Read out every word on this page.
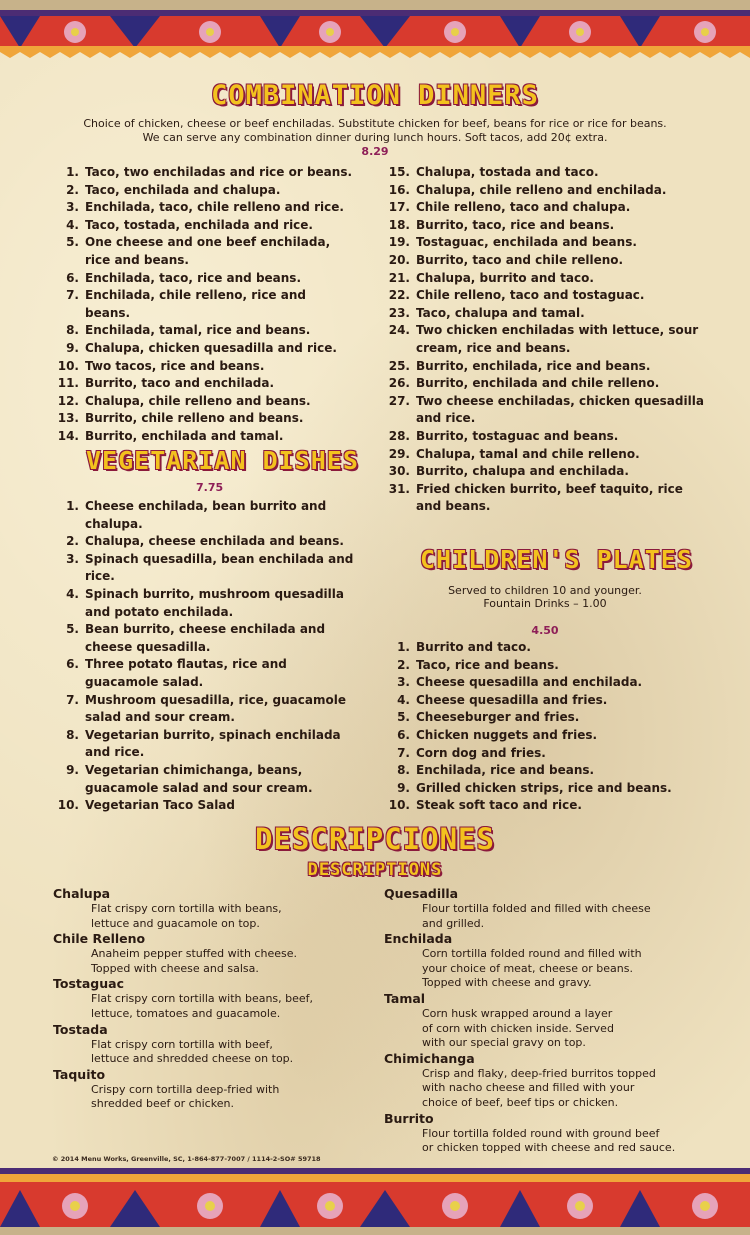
COMBINATION DINNERS
Choice of chicken, cheese or beef enchiladas. Substitute chicken for beef, beans for rice or rice for beans.
We can serve any combination dinner during lunch hours. Soft tacos, add 20¢ extra.
8.29
1. Taco, two enchiladas and rice or beans.
2. Taco, enchilada and chalupa.
3. Enchilada, taco, chile relleno and rice.
4. Taco, tostada, enchilada and rice.
5. One cheese and one beef enchilada, rice and beans.
6. Enchilada, taco, rice and beans.
7. Enchilada, chile relleno, rice and beans.
8. Enchilada, tamal, rice and beans.
9. Chalupa, chicken quesadilla and rice.
10. Two tacos, rice and beans.
11. Burrito, taco and enchilada.
12. Chalupa, chile relleno and beans.
13. Burrito, chile relleno and beans.
14. Burrito, enchilada and tamal.
15. Chalupa, tostada and taco.
16. Chalupa, chile relleno and enchilada.
17. Chile relleno, taco and chalupa.
18. Burrito, taco, rice and beans.
19. Tostaguac, enchilada and beans.
20. Burrito, taco and chile relleno.
21. Chalupa, burrito and taco.
22. Chile relleno, taco and tostaguac.
23. Taco, chalupa and tamal.
24. Two chicken enchiladas with lettuce, sour cream, rice and beans.
25. Burrito, enchilada, rice and beans.
26. Burrito, enchilada and chile relleno.
27. Two cheese enchiladas, chicken quesadilla and rice.
28. Burrito, tostaguac and beans.
29. Chalupa, tamal and chile relleno.
30. Burrito, chalupa and enchilada.
31. Fried chicken burrito, beef taquito, rice and beans.
VEGETARIAN DISHES
7.75
1. Cheese enchilada, bean burrito and chalupa.
2. Chalupa, cheese enchilada and beans.
3. Spinach quesadilla, bean enchilada and rice.
4. Spinach burrito, mushroom quesadilla and potato enchilada.
5. Bean burrito, cheese enchilada and cheese quesadilla.
6. Three potato flautas, rice and guacamole salad.
7. Mushroom quesadilla, rice, guacamole salad and sour cream.
8. Vegetarian burrito, spinach enchilada and rice.
9. Vegetarian chimichanga, beans, guacamole salad and sour cream.
10. Vegetarian Taco Salad
CHILDREN'S PLATES
Served to children 10 and younger.
Fountain Drinks – 1.00
4.50
1. Burrito and taco.
2. Taco, rice and beans.
3. Cheese quesadilla and enchilada.
4. Cheese quesadilla and fries.
5. Cheeseburger and fries.
6. Chicken nuggets and fries.
7. Corn dog and fries.
8. Enchilada, rice and beans.
9. Grilled chicken strips, rice and beans.
10. Steak soft taco and rice.
DESCRIPCIONES
DESCRIPTIONS
Chalupa
Flat crispy corn tortilla with beans,
lettuce and guacamole on top.
Chile Relleno
Anaheim pepper stuffed with cheese.
Topped with cheese and salsa.
Tostaguac
Flat crispy corn tortilla with beans, beef,
lettuce, tomatoes and guacamole.
Tostada
Flat crispy corn tortilla with beef,
lettuce and shredded cheese on top.
Taquito
Crispy corn tortilla deep-fried with
shredded beef or chicken.
Quesadilla
Flour tortilla folded and filled with cheese
and grilled.
Enchilada
Corn tortilla folded round and filled with
your choice of meat, cheese or beans.
Topped with cheese and gravy.
Tamal
Corn husk wrapped around a layer
of corn with chicken inside. Served
with our special gravy on top.
Chimichanga
Crisp and flaky, deep-fried burritos topped
with nacho cheese and filled with your
choice of beef, beef tips or chicken.
Burrito
Flour tortilla folded round with ground beef
or chicken topped with cheese and red sauce.
© 2014 Menu Works, Greenville, SC, 1-864-877-7007 / 1114-2-SO# 59718
